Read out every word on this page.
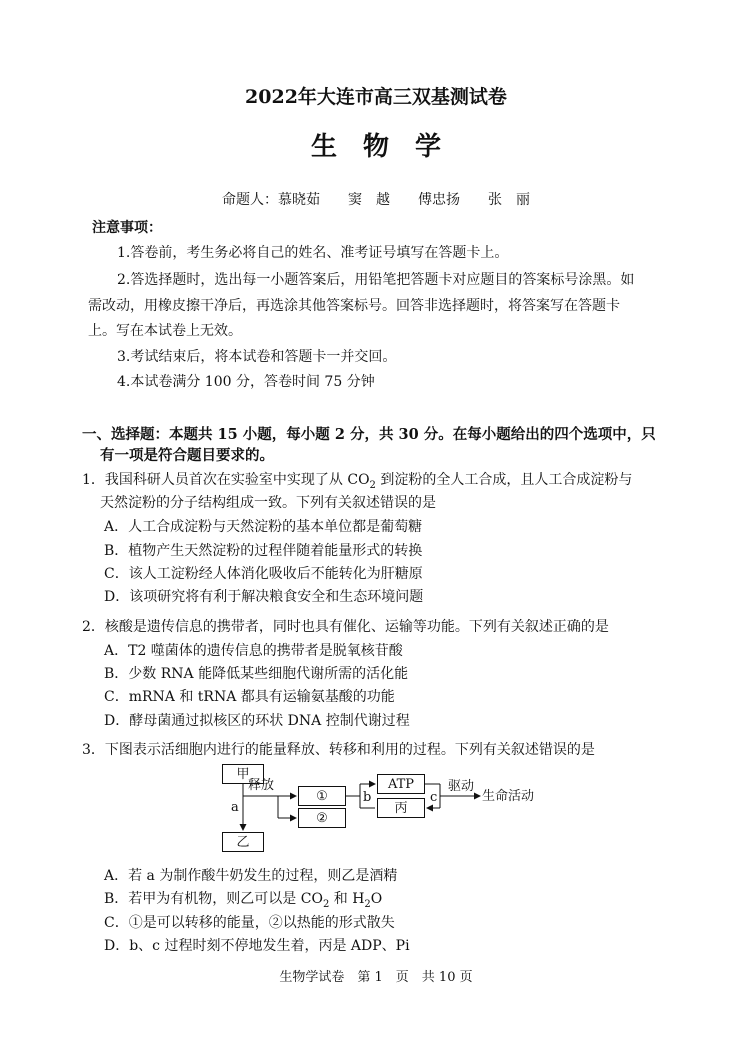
2022年大连市高三双基测试卷
生物学
命题人：慕晓茹　　窦　越　　傅忠扬　　张　丽
注意事项：
1.答卷前，考生务必将自己的姓名、准考证号填写在答题卡上。
2.答选择题时，选出每一小题答案后，用铅笔把答题卡对应题目的答案标号涂黑。如
需改动，用橡皮擦干净后，再选涂其他答案标号。回答非选择题时，将答案写在答题卡
上。写在本试卷上无效。
3.考试结束后，将本试卷和答题卡一并交回。
4.本试卷满分 100 分，答卷时间 75 分钟
一、选择题：本题共 15 小题，每小题 2 分，共 30 分。在每小题给出的四个选项中，只
有一项是符合题目要求的。
1．我国科研人员首次在实验室中实现了从 $CO_2$ 到淀粉的全人工合成，且人工合成淀粉与
天然淀粉的分子结构组成一致。下列有关叙述错误的是
A．人工合成淀粉与天然淀粉的基本单位都是葡萄糖
B．植物产生天然淀粉的过程伴随着能量形式的转换
C．该人工淀粉经人体消化吸收后不能转化为肝糖原
D．该项研究将有利于解决粮食安全和生态环境问题
2．核酸是遗传信息的携带者，同时也具有催化、运输等功能。下列有关叙述正确的是
A．T2 噬菌体的遗传信息的携带者是脱氧核苷酸
B．少数 RNA 能降低某些细胞代谢所需的活化能
C．mRNA 和 tRNA 都具有运输氨基酸的功能
D．酵母菌通过拟核区的环状 DNA 控制代谢过程
3．下图表示活细胞内进行的能量释放、转移和利用的过程。下列有关叙述错误的是
甲
乙
a
释放
①
②
b
ATP
丙
c
驱动
生命活动
A．若 a 为制作酸牛奶发生的过程，则乙是酒精
B．若甲为有机物，则乙可以是 $CO_2$ 和 $H_2O$
C．①是可以转移的能量，②以热能的形式散失
D．b、c 过程时刻不停地发生着，丙是 ADP、Pi
生物学试卷　第 1　页　共 10 页
